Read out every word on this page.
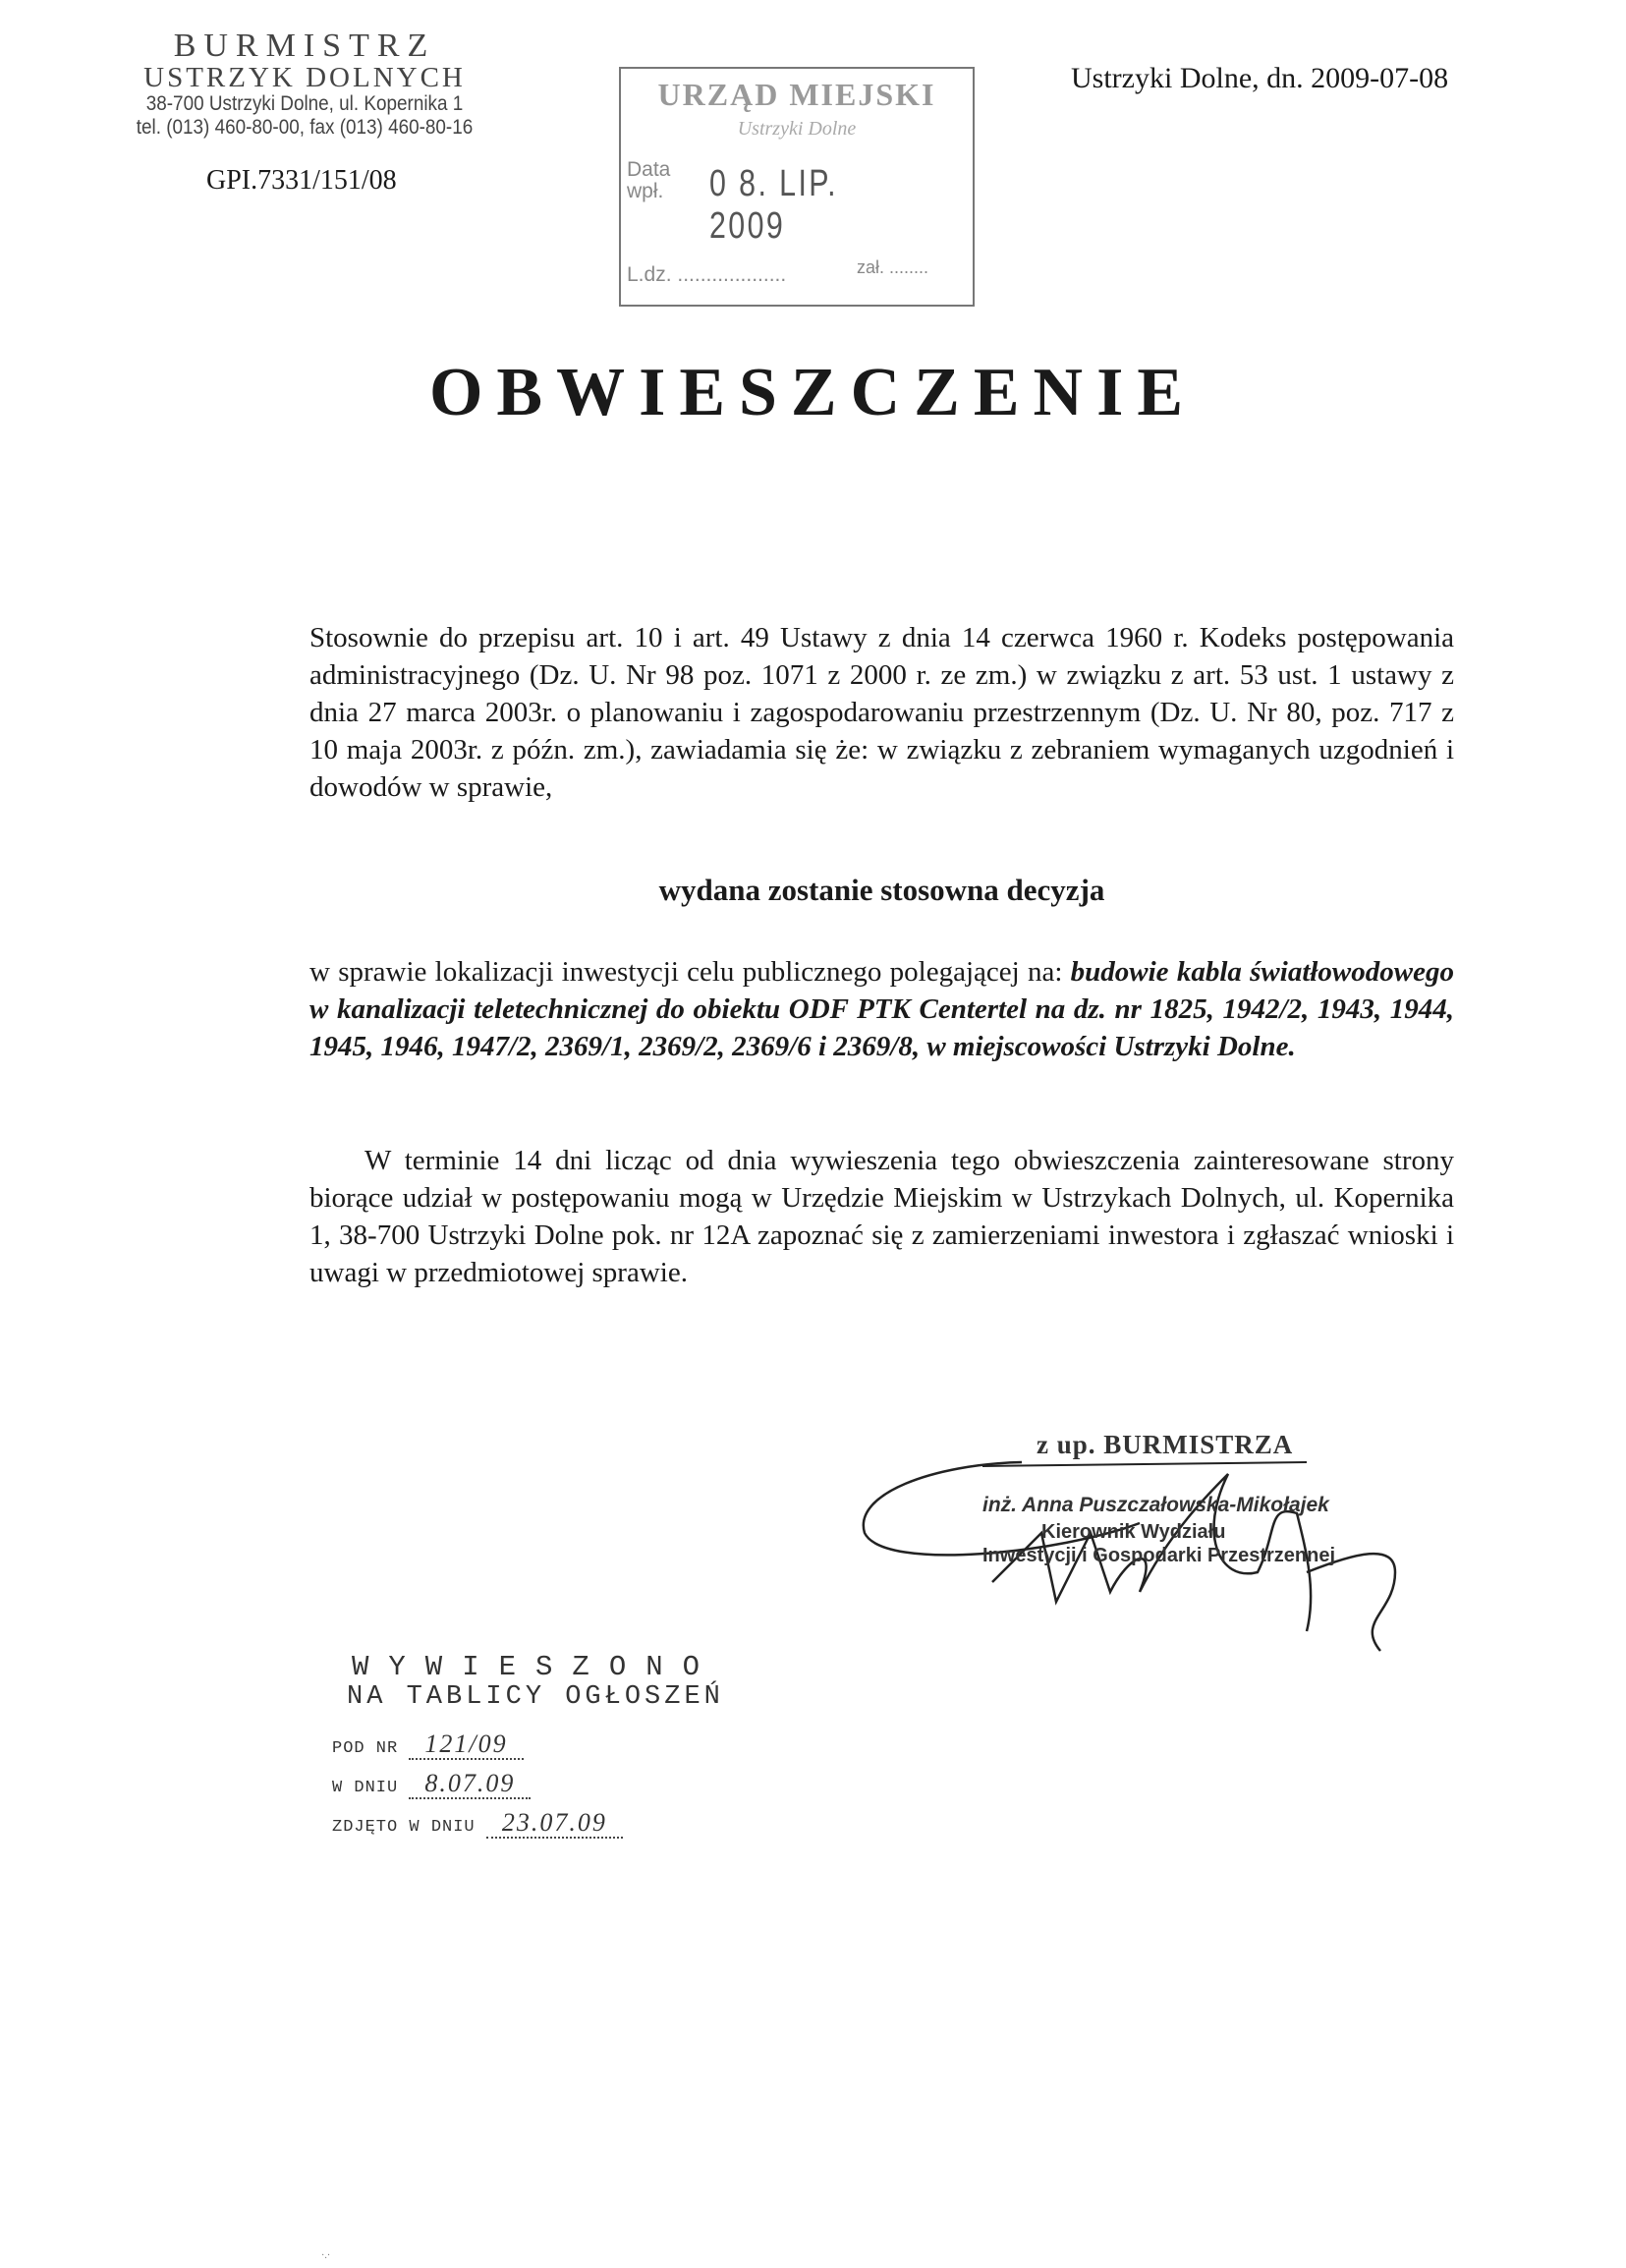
BURMISTRZ
USTRZYK DOLNYCH
38-700 Ustrzyki Dolne, ul. Kopernika 1
tel. (013) 460-80-00, fax (013) 460-80-16
GPI.7331/151/08
Ustrzyki Dolne, dn. 2009-07-08
URZĄD MIEJSKI
Ustrzyki Dolne
Data
wpł. 0 8. LIP. 2009
L.dz. ...................	zał. ........
OBWIESZCZENIE
Stosownie do przepisu art. 10 i art. 49 Ustawy z dnia 14 czerwca 1960 r. Kodeks postępowania administracyjnego (Dz. U. Nr 98 poz. 1071 z 2000 r. ze zm.) w związku z art. 53 ust. 1 ustawy z dnia 27 marca 2003r. o planowaniu i zagospodarowaniu przestrzennym (Dz. U. Nr 80, poz. 717 z 10 maja 2003r. z późn. zm.), zawiadamia się że: w związku z zebraniem wymaganych uzgodnień i dowodów w sprawie,
wydana zostanie stosowna decyzja
w sprawie lokalizacji inwestycji celu publicznego polegającej na: budowie kabla światłowodowego w kanalizacji teletechnicznej do obiektu ODF PTK Centertel na dz. nr 1825, 1942/2, 1943, 1944, 1945, 1946, 1947/2, 2369/1, 2369/2, 2369/6 i 2369/8, w miejscowości Ustrzyki Dolne.
W terminie 14 dni licząc od dnia wywieszenia tego obwieszczenia zainteresowane strony biorące udział w postępowaniu mogą w Urzędzie Miejskim w Ustrzykach Dolnych, ul. Kopernika 1, 38-700 Ustrzyki Dolne pok. nr 12A zapoznać się z zamierzeniami inwestora i zgłaszać wnioski i uwagi w przedmiotowej sprawie.
z up. BURMISTRZA
inż. Anna Puszczałowska-Mikołajek
Kierownik Wydziału
Inwestycji i Gospodarki Przestrzennej
WYWIESZONO
NA TABLICY OGŁOSZEŃ
POD NR 121/09
W DNIU 8.07.09
ZDJĘTO W DNIU 23.07.09
·.·
